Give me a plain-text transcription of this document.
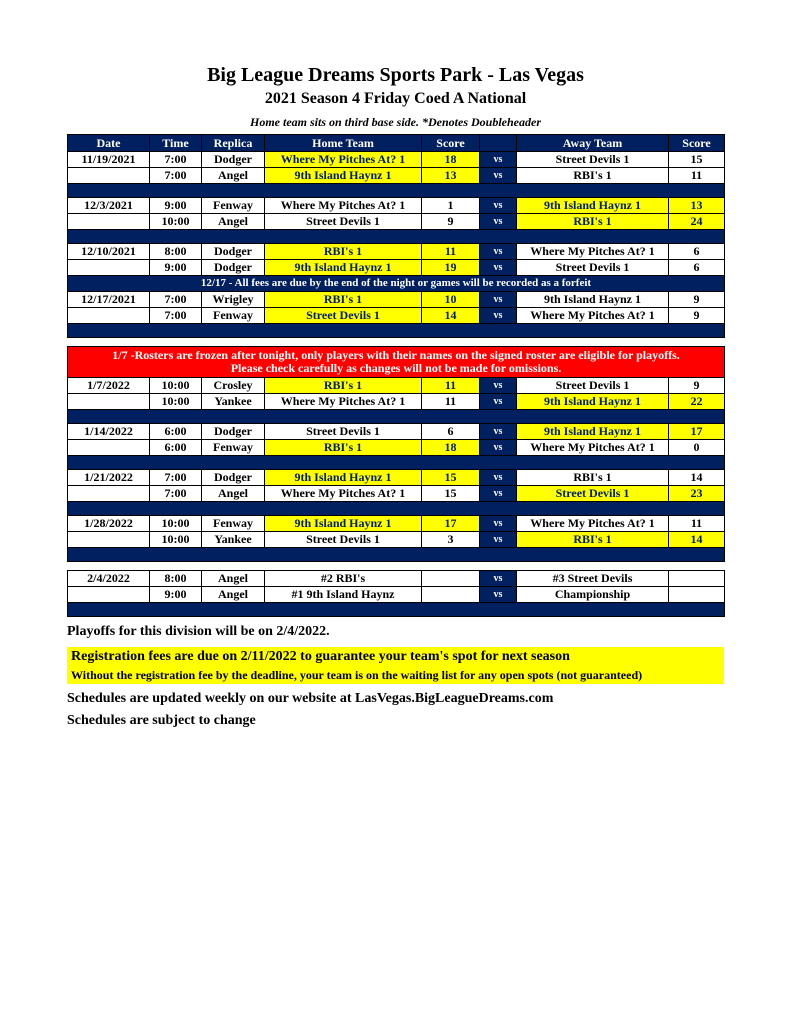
Big League Dreams Sports Park - Las Vegas
2021 Season 4 Friday Coed A National
Home team sits on third base side. *Denotes Doubleheader
Date	Time	Replica	Home Team	Score		Away Team	Score
11/19/2021	7:00	Dodger	Where My Pitches At? 1	18	vs	Street Devils 1	15
	7:00	Angel	9th Island Haynz 1	13	vs	RBI's 1	11

12/3/2021	9:00	Fenway	Where My Pitches At? 1	1	vs	9th Island Haynz 1	13
	10:00	Angel	Street Devils 1	9	vs	RBI's 1	24

12/10/2021	8:00	Dodger	RBI's 1	11	vs	Where My Pitches At? 1	6
	9:00	Dodger	9th Island Haynz 1	19	vs	Street Devils 1	6

12/17 - All fees are due by the end of the night or games will be recorded as a forfeit							

12/17/2021	7:00	Wrigley	RBI's 1	10	vs	9th Island Haynz 1	9
	7:00	Fenway	Street Devils 1	14	vs	Where My Pitches At? 1	9

1/7 -Rosters are frozen after tonight, only players with their names on the signed roster are eligible for playoffs.
Please check carefully as changes will not be made for omissions.							

1/7/2022	10:00	Crosley	RBI's 1	11	vs	Street Devils 1	9
	10:00	Yankee	Where My Pitches At? 1	11	vs	9th Island Haynz 1	22

1/14/2022	6:00	Dodger	Street Devils 1	6	vs	9th Island Haynz 1	17
	6:00	Fenway	RBI's 1	18	vs	Where My Pitches At? 1	0

1/21/2022	7:00	Dodger	9th Island Haynz 1	15	vs	RBI's 1	14
	7:00	Angel	Where My Pitches At? 1	15	vs	Street Devils 1	23

1/28/2022	10:00	Fenway	9th Island Haynz 1	17	vs	Where My Pitches At? 1	11
	10:00	Yankee	Street Devils 1	3	vs	RBI's 1	14

2/4/2022	8:00	Angel	#2 RBI's		vs	#3 Street Devils	
	9:00	Angel	#1 9th Island Haynz		vs	Championship	

Playoffs for this division will be on 2/4/2022.
Registration fees are due on 2/11/2022 to guarantee your team's spot for next season
Without the registration fee by the deadline, your team is on the waiting list for any open spots (not guaranteed)
Schedules are updated weekly on our website at LasVegas.BigLeagueDreams.com
Schedules are subject to change
